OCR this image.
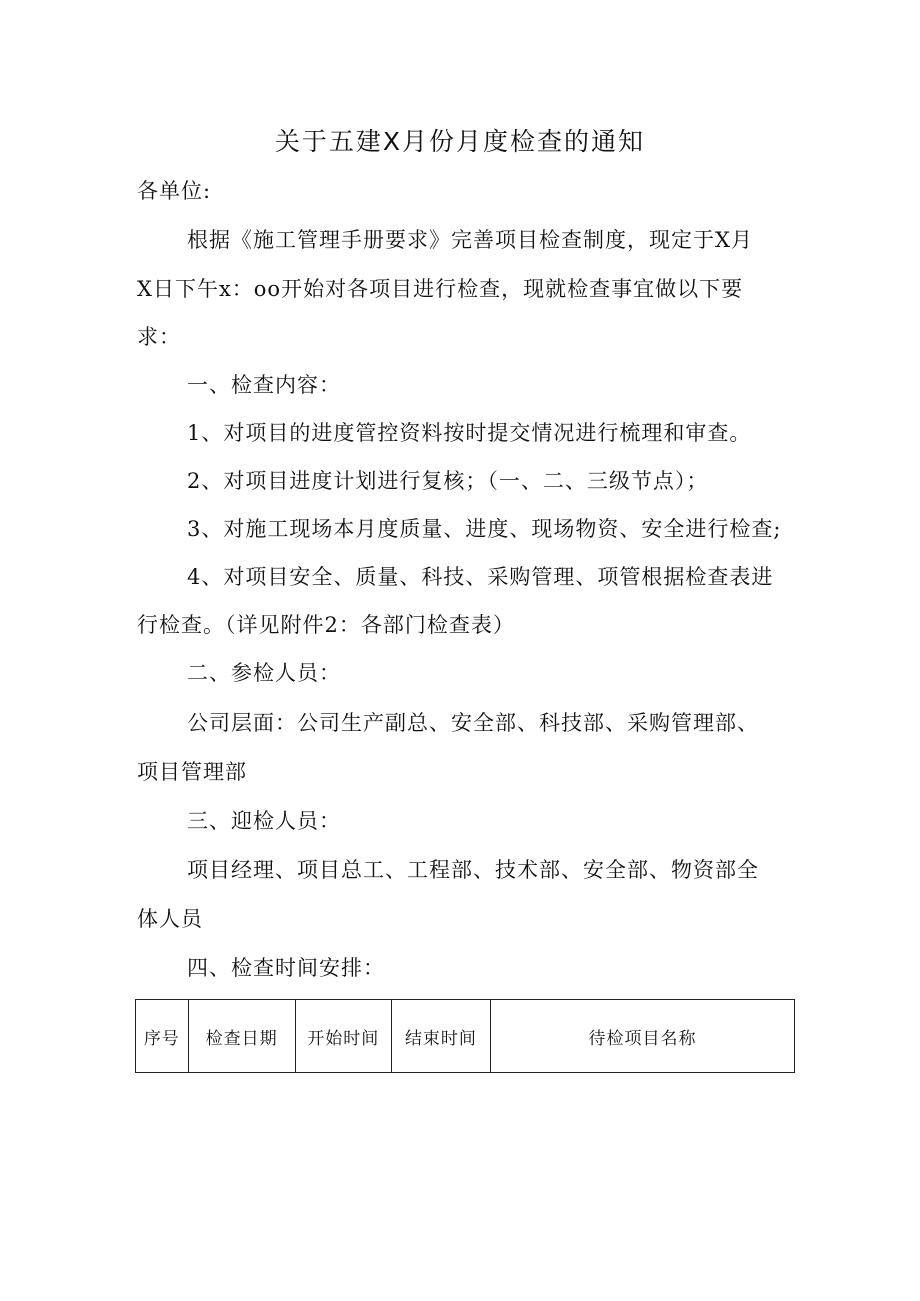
关于五建X月份月度检查的通知
各单位:
根据《施工管理手册要求》完善项目检查制度，现定于X月
X日下午x：oo开始对各项目进行检查，现就检查事宜做以下要
求：
一、检查内容：
1、对项目的进度管控资料按时提交情况进行梳理和审查。
2、对项目进度计划进行复核；（一、二、三级节点）；
3、对施工现场本月度质量、进度、现场物资、安全进行检查;
4、对项目安全、质量、科技、采购管理、项管根据检查表进
行检查。（详见附件2：各部门检查表）
二、参检人员：
公司层面：公司生产副总、安全部、科技部、采购管理部、
项目管理部
三、迎检人员：
项目经理、项目总工、工程部、技术部、安全部、物资部全
体人员
四、检查时间安排：
序号	检查日期	开始时间	结束时间	待检项目名称
